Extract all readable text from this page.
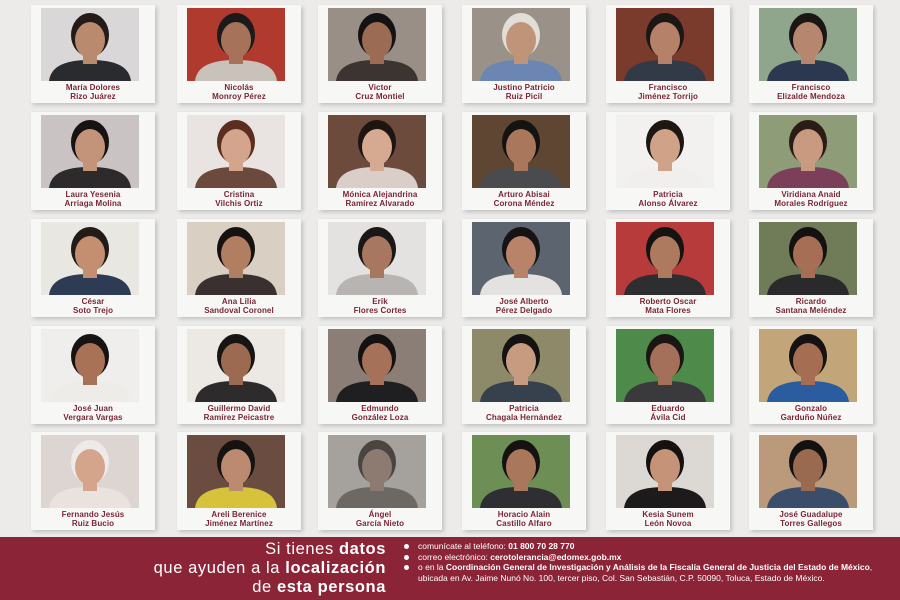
María Dolores
Rizo Juárez
Nicolás
Monroy Pérez
Victor
Cruz Montiel
Justino Patricio
Ruiz Picil
Francisco
Jiménez Torrijo
Francisco
Elizalde Mendoza
Laura Yesenia
Arriaga Molina
Cristina
Vilchis Ortiz
Mónica Alejandrina
Ramírez Alvarado
Arturo Abisai
Corona Méndez
Patricia
Alonso Álvarez
Viridiana Anaid
Morales Rodríguez
César
Soto Trejo
Ana Lilia
Sandoval Coronel
Erik
Flores Cortes
José Alberto
Pérez Delgado
Roberto Oscar
Mata Flores
Ricardo
Santana Meléndez
José Juan
Vergara Vargas
Guillermo David
Ramírez Peicastre
Edmundo
González Loza
Patricia
Chagala Hernández
Eduardo
Ávila Cid
Gonzalo
Garduño Núñez
Fernando Jesús
Ruiz Bucio
Areli Berenice
Jiménez Martínez
Ángel
García Nieto
Horacio Alain
Castillo Alfaro
Kesia Sunem
León Novoa
José Guadalupe
Torres Gallegos
Si tienes datos
que ayuden a la localización
de esta persona
comunícate al teléfono: 01 800 70 28 770
correo electrónico: cerotolerancia@edomex.gob.mx
o en la Coordinación General de Investigación y Análisis de la Fiscalía General de Justicia del Estado de México, ubicada en Av. Jaime Nunó No. 100, tercer piso, Col. San Sebastián, C.P. 50090, Toluca, Estado de México.
